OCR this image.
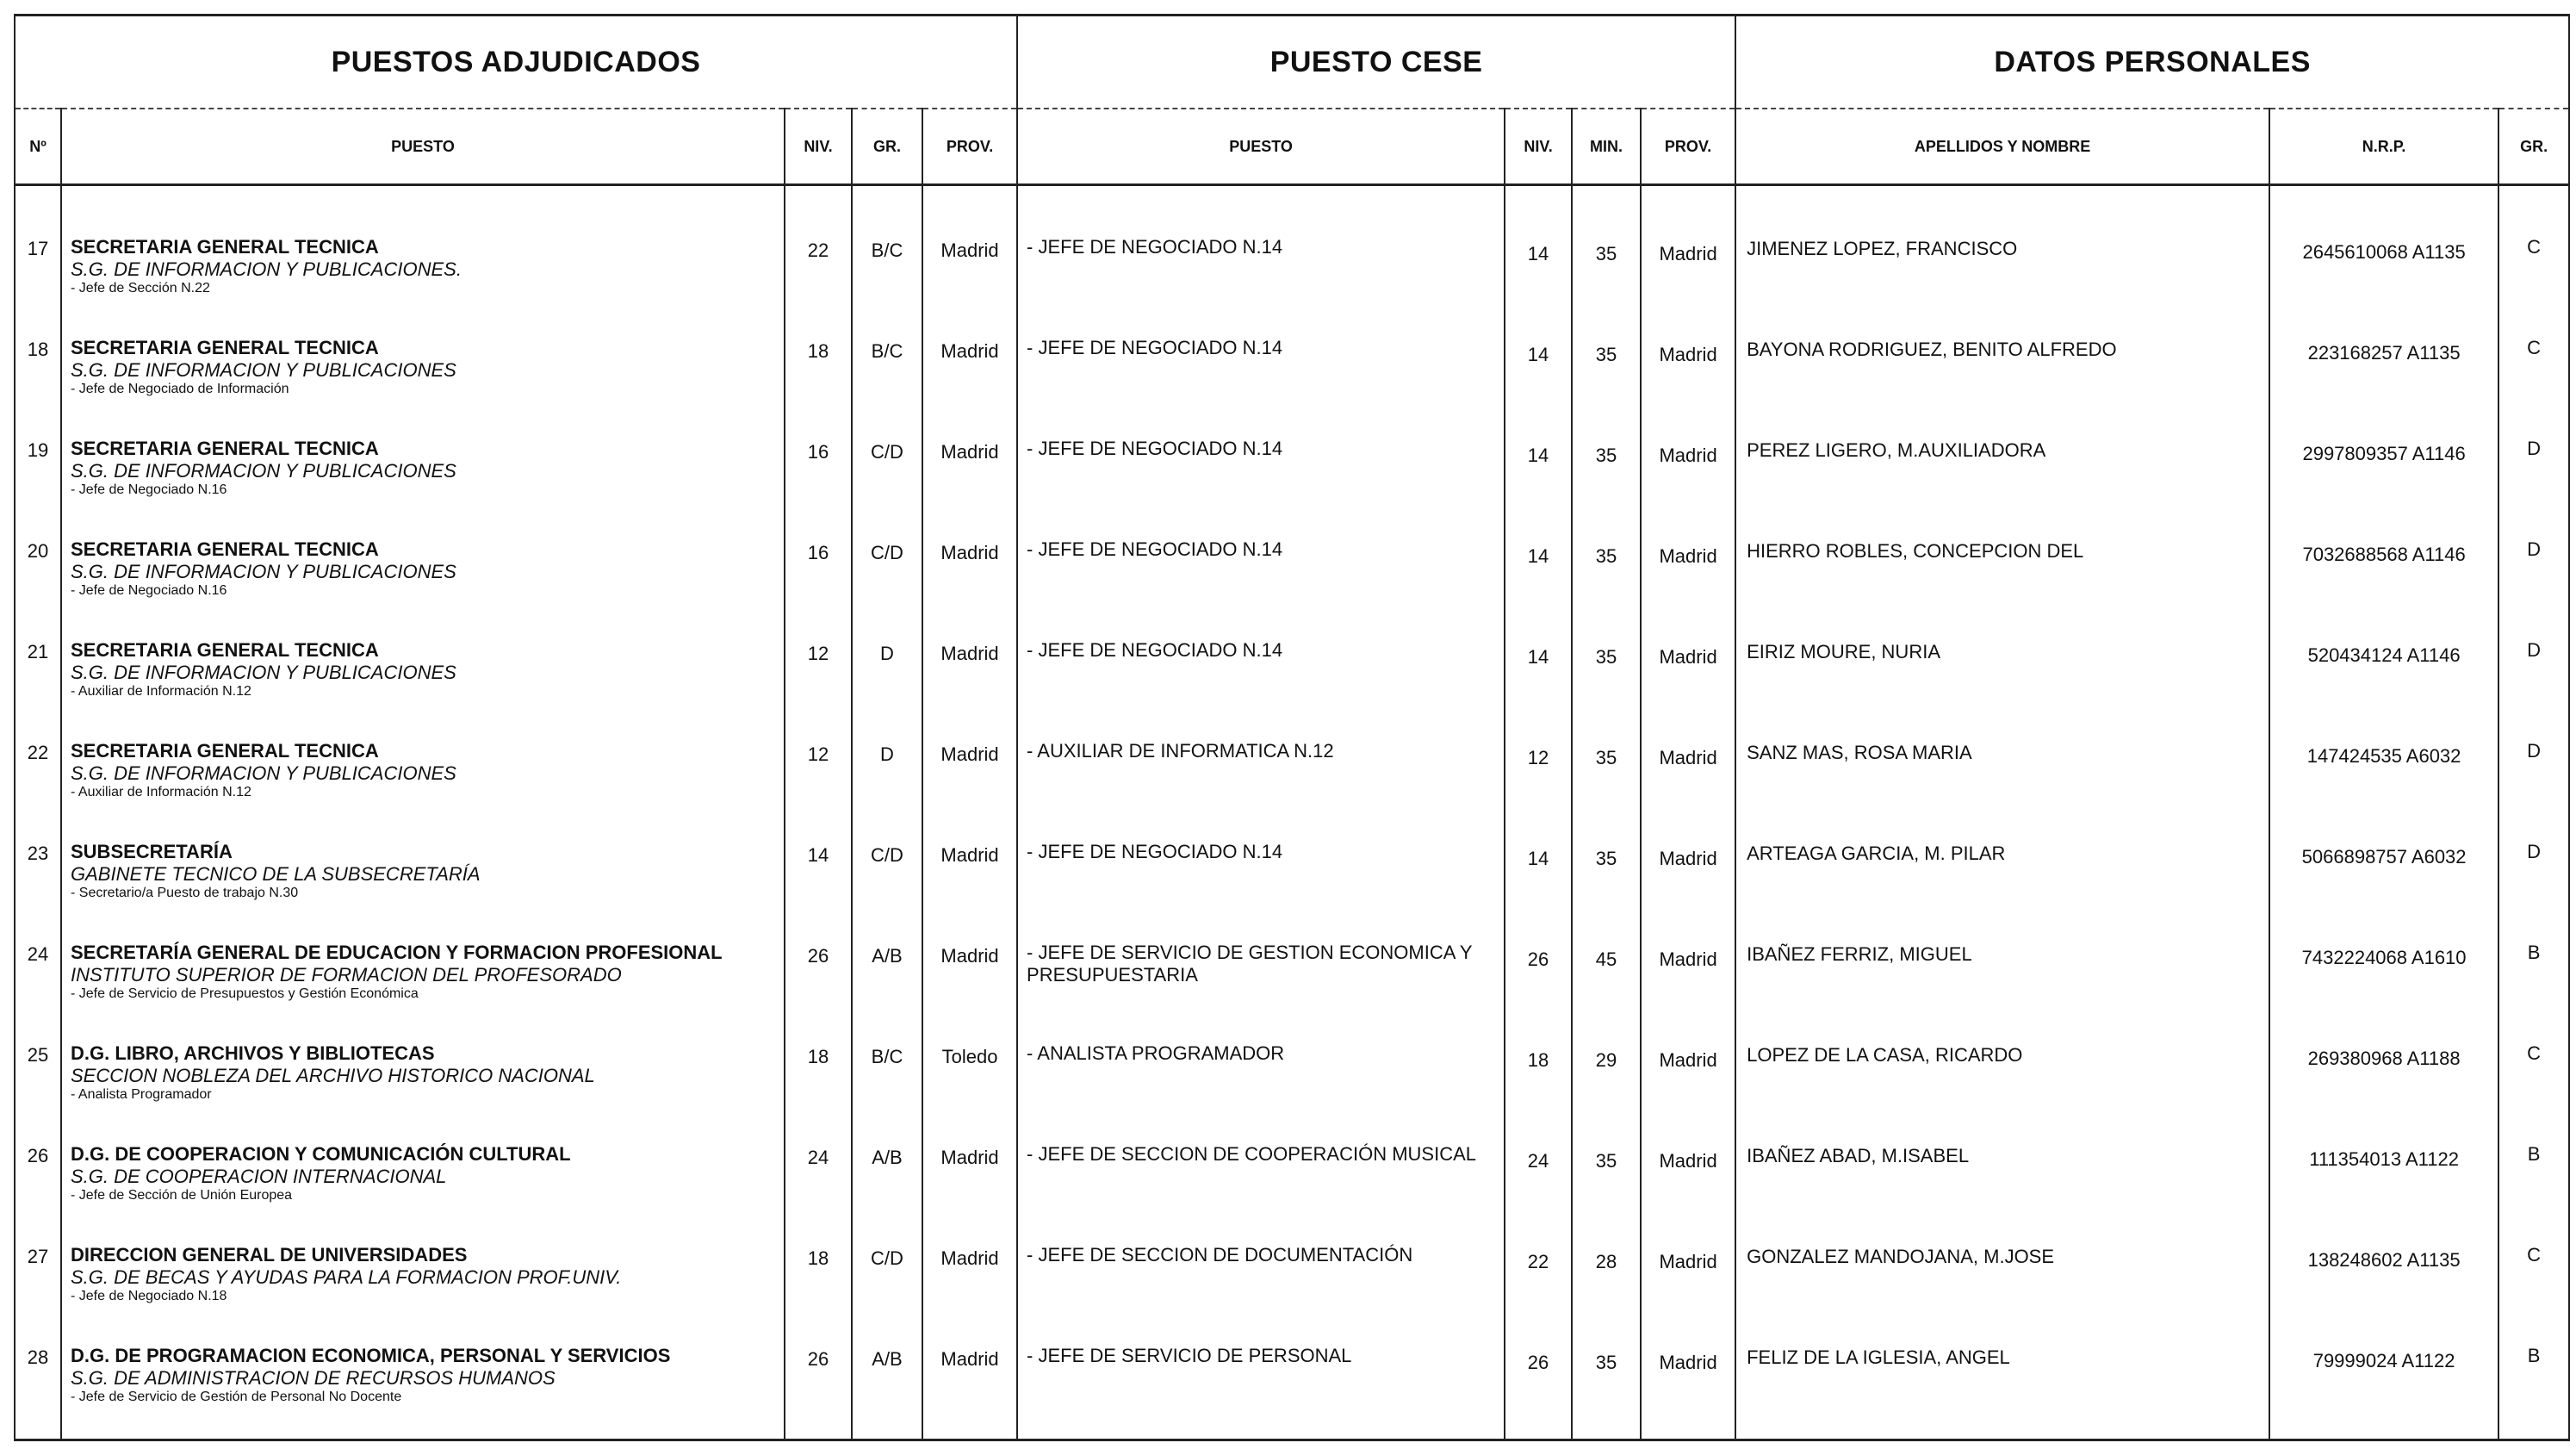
PUESTOS ADJUDICADOS					PUESTO CESE				DATOS PERSONALES		
Nº	PUESTO	NIV.	GR.	PROV.	PUESTO	NIV.	MIN.	PROV.	APELLIDOS Y NOMBRE	N.R.P.	GR.

17	SECRETARIA GENERAL TECNICA
S.G. DE INFORMACION Y PUBLICACIONES.
- Jefe de Sección N.22	22	B/C	Madrid	- JEFE DE NEGOCIADO N.14	14	35	Madrid	JIMENEZ LOPEZ, FRANCISCO	2645610068 A1135	C
18	SECRETARIA GENERAL TECNICA
S.G. DE INFORMACION Y PUBLICACIONES
- Jefe de Negociado de Información	18	B/C	Madrid	- JEFE DE NEGOCIADO N.14	14	35	Madrid	BAYONA RODRIGUEZ, BENITO ALFREDO	223168257 A1135	C
19	SECRETARIA GENERAL TECNICA
S.G. DE INFORMACION Y PUBLICACIONES
- Jefe de Negociado N.16	16	C/D	Madrid	- JEFE DE NEGOCIADO N.14	14	35	Madrid	PEREZ LIGERO, M.AUXILIADORA	2997809357 A1146	D
20	SECRETARIA GENERAL TECNICA
S.G. DE INFORMACION Y PUBLICACIONES
- Jefe de Negociado N.16	16	C/D	Madrid	- JEFE DE NEGOCIADO N.14	14	35	Madrid	HIERRO ROBLES, CONCEPCION DEL	7032688568 A1146	D
21	SECRETARIA GENERAL TECNICA
S.G. DE INFORMACION Y PUBLICACIONES
- Auxiliar de Información N.12	12	D	Madrid	- JEFE DE NEGOCIADO N.14	14	35	Madrid	EIRIZ MOURE, NURIA	520434124 A1146	D
22	SECRETARIA GENERAL TECNICA
S.G. DE INFORMACION Y PUBLICACIONES
- Auxiliar de Información N.12	12	D	Madrid	- AUXILIAR DE INFORMATICA N.12	12	35	Madrid	SANZ MAS, ROSA MARIA	147424535 A6032	D
23	SUBSECRETARÍA
GABINETE TECNICO DE LA SUBSECRETARÍA
- Secretario/a Puesto de trabajo N.30	14	C/D	Madrid	- JEFE DE NEGOCIADO N.14	14	35	Madrid	ARTEAGA GARCIA, M. PILAR	5066898757 A6032	D
24	SECRETARÍA GENERAL DE EDUCACION Y FORMACION PROFESIONAL
INSTITUTO SUPERIOR DE FORMACION DEL PROFESORADO
- Jefe de Servicio de Presupuestos y Gestión Económica	26	A/B	Madrid	- JEFE DE SERVICIO DE GESTION ECONOMICA Y PRESUPUESTARIA	26	45	Madrid	IBAÑEZ FERRIZ, MIGUEL	7432224068 A1610	B
25	D.G. LIBRO, ARCHIVOS Y BIBLIOTECAS
SECCION NOBLEZA DEL ARCHIVO HISTORICO NACIONAL
- Analista Programador	18	B/C	Toledo	- ANALISTA PROGRAMADOR	18	29	Madrid	LOPEZ DE LA CASA, RICARDO	269380968 A1188	C
26	D.G. DE COOPERACION Y COMUNICACIÓN CULTURAL
S.G. DE COOPERACION INTERNACIONAL
- Jefe de Sección de Unión Europea	24	A/B	Madrid	- JEFE DE SECCION DE COOPERACIÓN MUSICAL	24	35	Madrid	IBAÑEZ ABAD, M.ISABEL	111354013 A1122	B
27	DIRECCION GENERAL DE UNIVERSIDADES
S.G. DE BECAS Y AYUDAS PARA LA FORMACION PROF.UNIV.
- Jefe de Negociado N.18	18	C/D	Madrid	- JEFE DE SECCION DE DOCUMENTACIÓN	22	28	Madrid	GONZALEZ MANDOJANA, M.JOSE	138248602 A1135	C
28	D.G. DE PROGRAMACION ECONOMICA, PERSONAL Y SERVICIOS
S.G. DE ADMINISTRACION DE RECURSOS HUMANOS
- Jefe de Servicio de Gestión de Personal No Docente	26	A/B	Madrid	- JEFE DE SERVICIO DE PERSONAL	26	35	Madrid	FELIZ DE LA IGLESIA, ANGEL	79999024 A1122	B
